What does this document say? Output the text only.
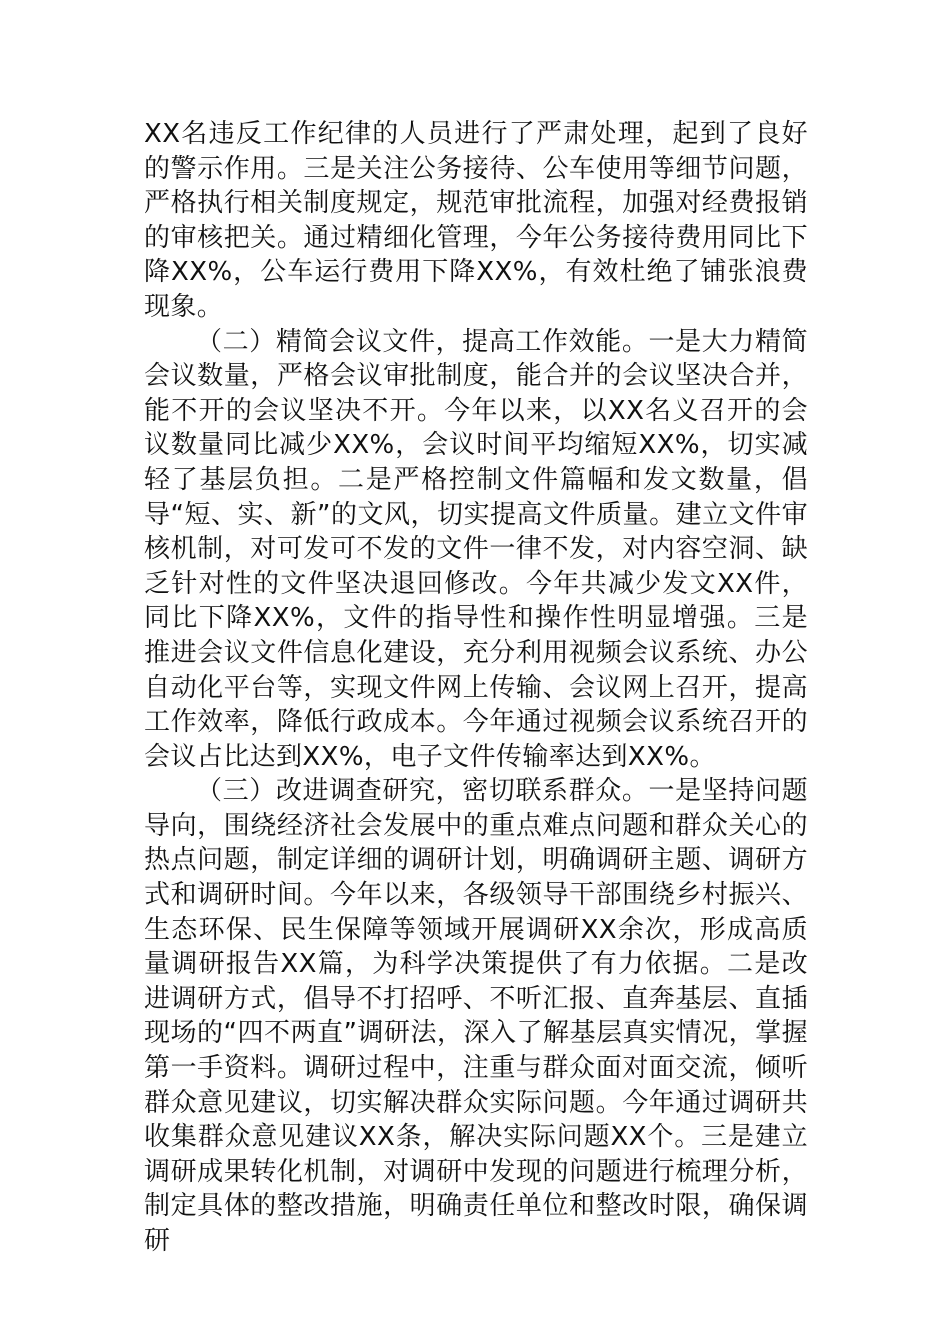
XX名违反工作纪律的人员进行了严肃处理，起到了良好的警示作用。三是关注公务接待、公车使用等细节问题，严格执行相关制度规定，规范审批流程，加强对经费报销的审核把关。通过精细化管理，今年公务接待费用同比下降XX%，公车运行费用下降XX%，有效杜绝了铺张浪费现象。

（二）精简会议文件，提高工作效能。一是大力精简会议数量，严格会议审批制度，能合并的会议坚决合并，能不开的会议坚决不开。今年以来，以XX名义召开的会议数量同比减少XX%，会议时间平均缩短XX%，切实减轻了基层负担。二是严格控制文件篇幅和发文数量，倡导“短、实、新”的文风，切实提高文件质量。建立文件审核机制，对可发可不发的文件一律不发，对内容空洞、缺乏针对性的文件坚决退回修改。今年共减少发文XX件，同比下降XX%，文件的指导性和操作性明显增强。三是推进会议文件信息化建设，充分利用视频会议系统、办公自动化平台等，实现文件网上传输、会议网上召开，提高工作效率，降低行政成本。今年通过视频会议系统召开的会议占比达到XX%，电子文件传输率达到XX%。

（三）改进调查研究，密切联系群众。一是坚持问题导向，围绕经济社会发展中的重点难点问题和群众关心的热点问题，制定详细的调研计划，明确调研主题、调研方式和调研时间。今年以来，各级领导干部围绕乡村振兴、生态环保、民生保障等领域开展调研XX余次，形成高质量调研报告XX篇，为科学决策提供了有力依据。二是改进调研方式，倡导不打招呼、不听汇报、直奔基层、直插现场的“四不两直”调研法，深入了解基层真实情况，掌握第一手资料。调研过程中，注重与群众面对面交流，倾听群众意见建议，切实解决群众实际问题。今年通过调研共收集群众意见建议XX条，解决实际问题XX个。三是建立调研成果转化机制，对调研中发现的问题进行梳理分析，制定具体的整改措施，明确责任单位和整改时限，确保调研
